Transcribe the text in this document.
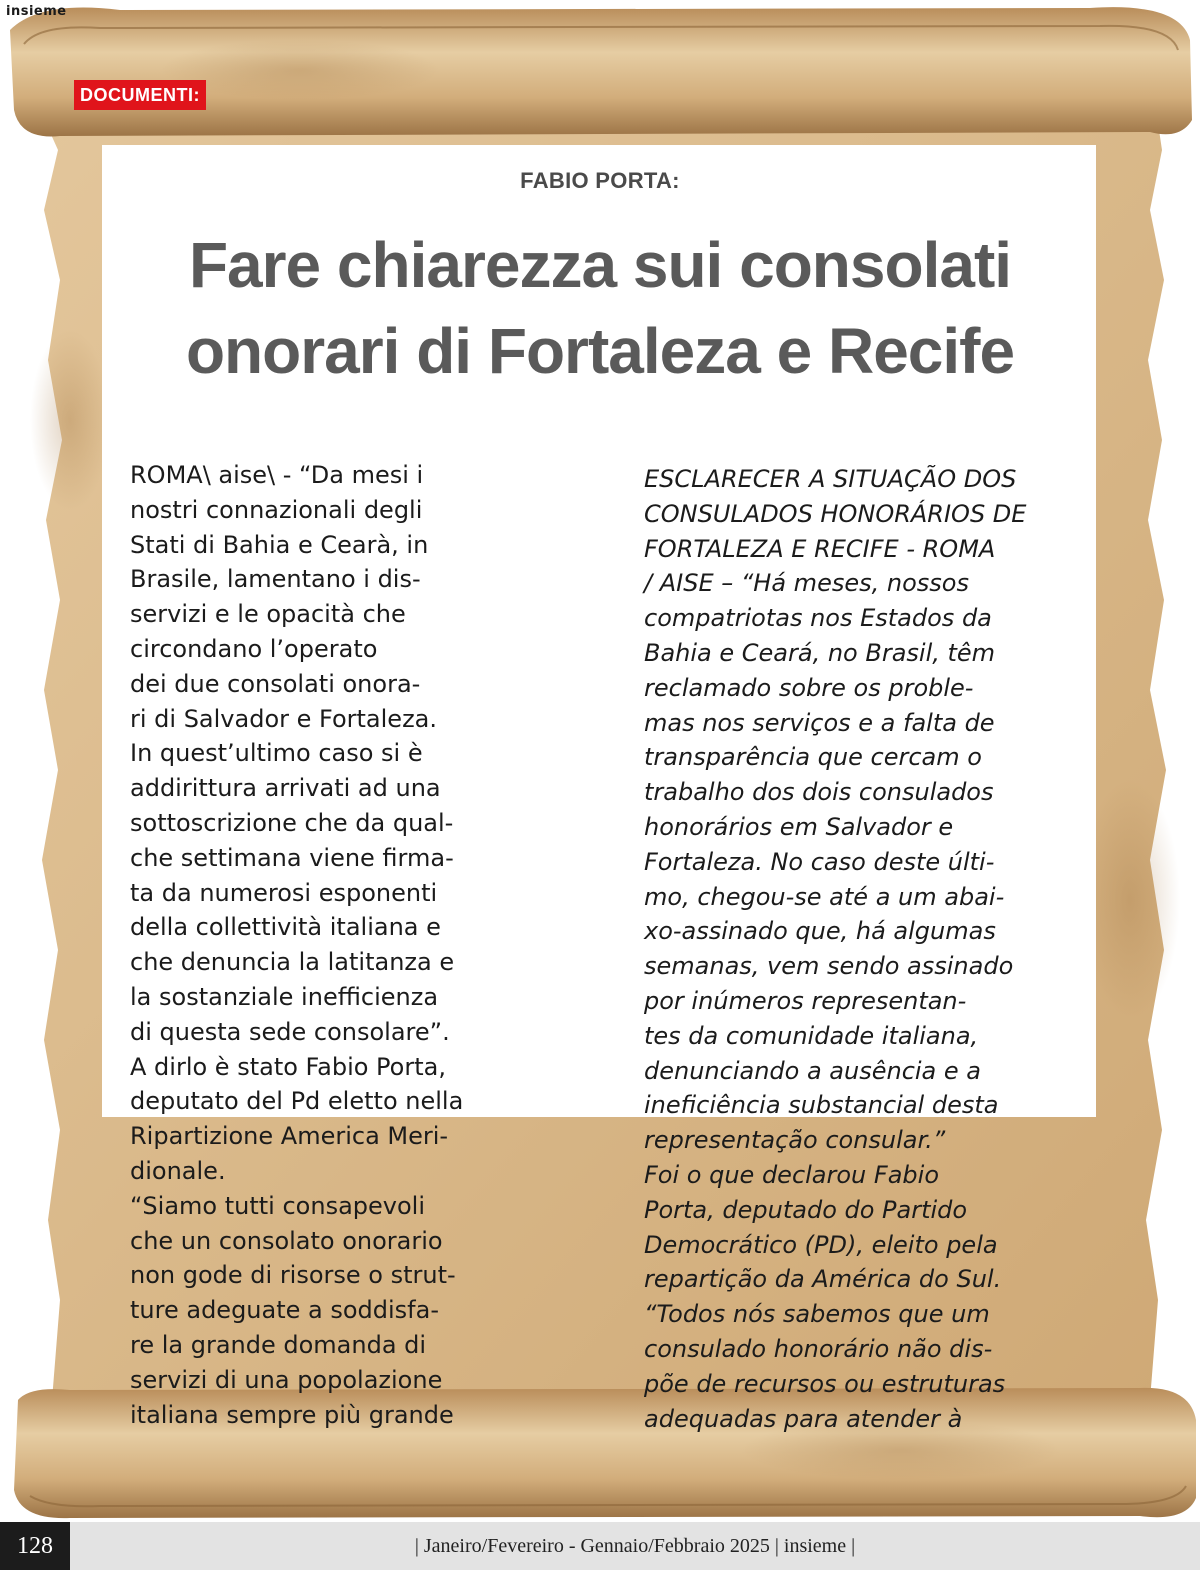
insieme
DOCUMENTI:
FABIO PORTA:
Fare chiarezza sui consolati
onorari di Fortaleza e Recife
ROMA\ aise\ - “Da mesi i
nostri connazionali degli
Stati di Bahia e Cearà, in
Brasile, lamentano i dis-
servizi e le opacità che
circondano l’operato
dei due consolati onora-
ri di Salvador e Fortaleza.
In quest’ultimo caso si è
addirittura arrivati ad una
sottoscrizione che da qual-
che settimana viene firma-
ta da numerosi esponenti
della collettività italiana e
che denuncia la latitanza e
la sostanziale inefficienza
di questa sede consolare”.
A dirlo è stato Fabio Porta,
deputato del Pd eletto nella
Ripartizione America Meri-
dionale.
“Siamo tutti consapevoli
che un consolato onorario
non gode di risorse o strut-
ture adeguate a soddisfa-
re la grande domanda di
servizi di una popolazione
italiana sempre più grande
ESCLARECER A SITUAÇÃO DOS
CONSULADOS HONORÁRIOS DE
FORTALEZA E RECIFE - ROMA
/ AISE – “Há meses, nossos
compatriotas nos Estados da
Bahia e Ceará, no Brasil, têm
reclamado sobre os proble-
mas nos serviços e a falta de
transparência que cercam o
trabalho dos dois consulados
honorários em Salvador e
Fortaleza. No caso deste últi-
mo, chegou-se até a um abai-
xo-assinado que, há algumas
semanas, vem sendo assinado
por inúmeros representan-
tes da comunidade italiana,
denunciando a ausência e a
ineficiência substancial desta
representação consular.”
Foi o que declarou Fabio
Porta, deputado do Partido
Democrático (PD), eleito pela
repartição da América do Sul.
“Todos nós sabemos que um
consulado honorário não dis-
põe de recursos ou estruturas
adequadas para atender à
| Janeiro/Fevereiro - Gennaio/Febbraio 2025 | insieme |
128
